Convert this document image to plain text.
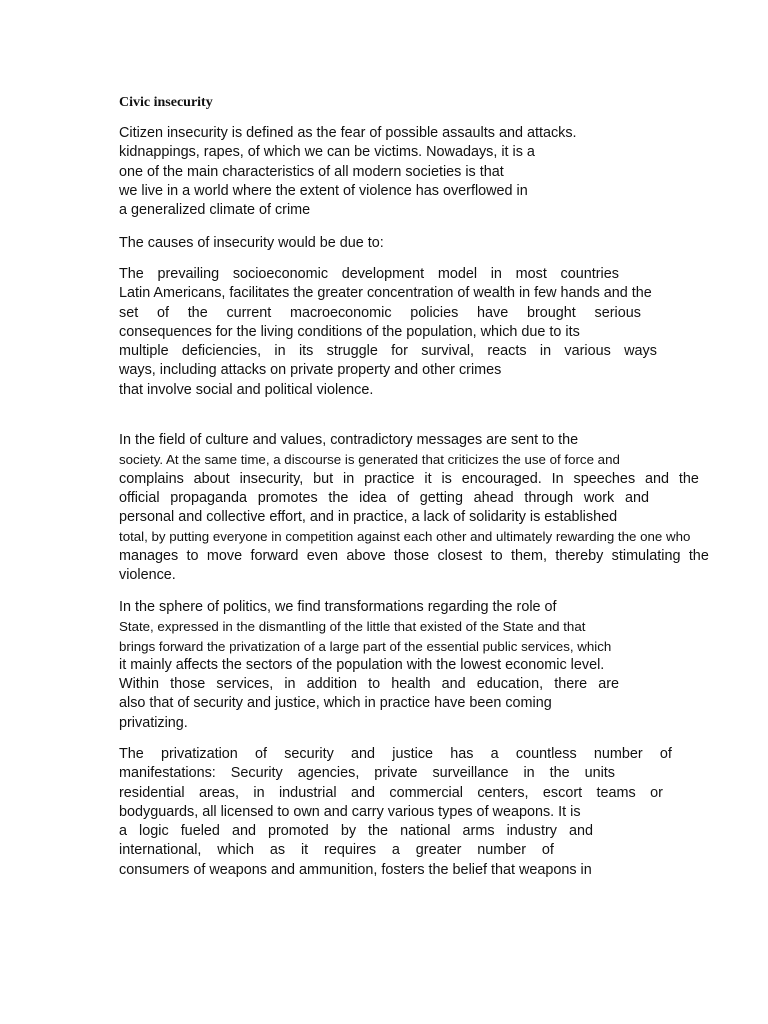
Civic insecurity
Citizen insecurity is defined as the fear of possible assaults and attacks.
kidnappings, rapes, of which we can be victims. Nowadays, it is a
one of the main characteristics of all modern societies is that
we live in a world where the extent of violence has overflowed in
a generalized climate of crime
The causes of insecurity would be due to:
The prevailing socioeconomic development model in most countries
Latin Americans, facilitates the greater concentration of wealth in few hands and the
set of the current macroeconomic policies have brought serious
consequences for the living conditions of the population, which due to its
multiple deficiencies, in its struggle for survival, reacts in various ways
ways, including attacks on private property and other crimes
that involve social and political violence.
In the field of culture and values, contradictory messages are sent to the
society. At the same time, a discourse is generated that criticizes the use of force and
complains about insecurity, but in practice it is encouraged. In speeches and the
official propaganda promotes the idea of getting ahead through work and
personal and collective effort, and in practice, a lack of solidarity is established
total, by putting everyone in competition against each other and ultimately rewarding the one who
manages to move forward even above those closest to them, thereby stimulating the
violence.
In the sphere of politics, we find transformations regarding the role of
State, expressed in the dismantling of the little that existed of the State and that
brings forward the privatization of a large part of the essential public services, which
it mainly affects the sectors of the population with the lowest economic level.
Within those services, in addition to health and education, there are
also that of security and justice, which in practice have been coming
privatizing.
The privatization of security and justice has a countless number of
manifestations: Security agencies, private surveillance in the units
residential areas, in industrial and commercial centers, escort teams or
bodyguards, all licensed to own and carry various types of weapons. It is
a logic fueled and promoted by the national arms industry and
international, which as it requires a greater number of
consumers of weapons and ammunition, fosters the belief that weapons in
